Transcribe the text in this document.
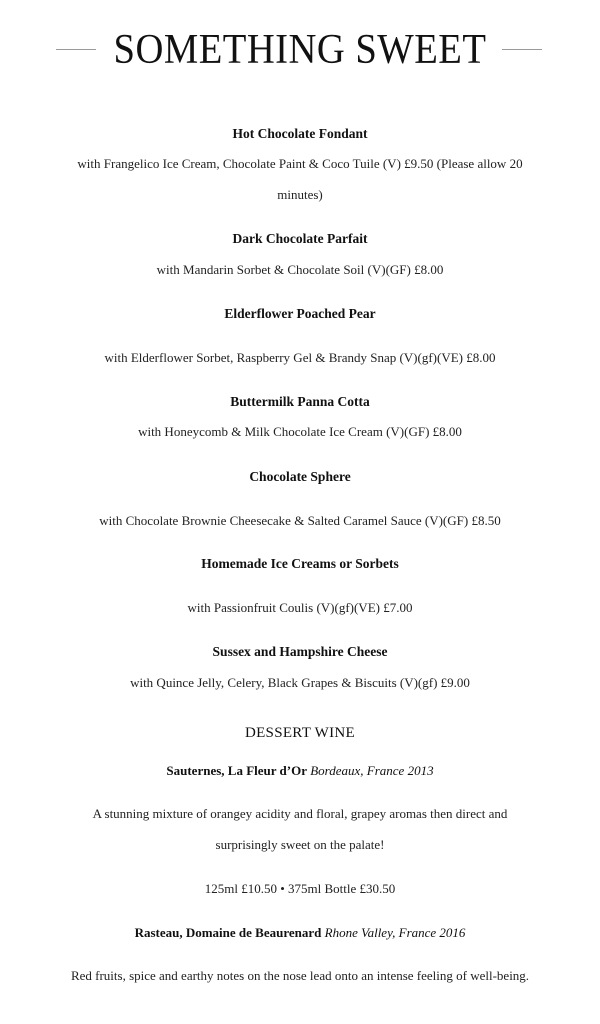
SOMETHING SWEET

Hot Chocolate Fondant

with Frangelico Ice Cream, Chocolate Paint & Coco Tuile (V) £9.50 (Please allow 20 minutes)

Dark Chocolate Parfait

with Mandarin Sorbet & Chocolate Soil (V)(GF) £8.00

Elderflower Poached Pear

with Elderflower Sorbet, Raspberry Gel & Brandy Snap (V)(gf)(VE) £8.00

Buttermilk Panna Cotta

with Honeycomb & Milk Chocolate Ice Cream (V)(GF) £8.00

Chocolate Sphere

with Chocolate Brownie Cheesecake & Salted Caramel Sauce (V)(GF) £8.50

Homemade Ice Creams or Sorbets

with Passionfruit Coulis (V)(gf)(VE) £7.00

Sussex and Hampshire Cheese

with Quince Jelly, Celery, Black Grapes & Biscuits (V)(gf) £9.00

DESSERT WINE

Sauternes, La Fleur d’Or Bordeaux, France 2013

A stunning mixture of orangey acidity and floral, grapey aromas then direct and surprisingly sweet on the palate!

125ml £10.50 • 375ml Bottle £30.50

Rasteau, Domaine de Beaurenard Rhone Valley, France 2016

Red fruits, spice and earthy notes on the nose lead onto an intense feeling of well-being.
